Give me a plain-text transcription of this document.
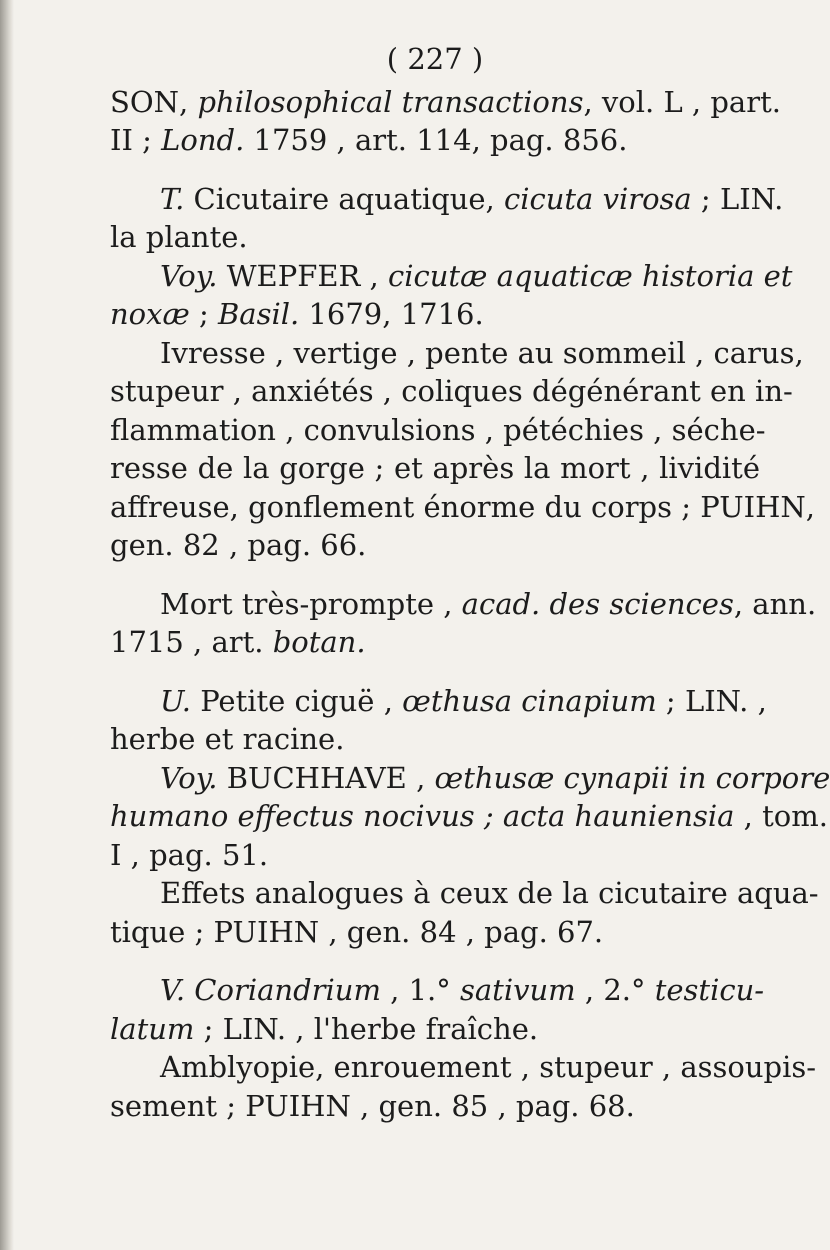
( 227 )
SON, philosophical transactions, vol. L , part.
II ; Lond. 1759 , art. 114, pag. 856.
T. Cicutaire aquatique, cicuta virosa ; LIN.
la plante.
Voy. WEPFER , cicutæ aquaticæ historia et
noxæ ; Basil. 1679, 1716.
Ivresse , vertige , pente au sommeil , carus,
stupeur , anxiétés , coliques dégénérant en in-
flammation , convulsions , pétéchies , séche-
resse de la gorge ; et après la mort , lividité
affreuse, gonflement énorme du corps ; PUIHN,
gen. 82 , pag. 66.
Mort très-prompte , acad. des sciences, ann.
1715 , art. botan.
U. Petite ciguë , œthusa cinapium ; LIN. ,
herbe et racine.
Voy. BUCHHAVE , œthusæ cynapii in corpore
humano effectus nocivus ; acta hauniensia , tom.
I , pag. 51.
Effets analogues à ceux de la cicutaire aqua-
tique ; PUIHN , gen. 84 , pag. 67.
V. Coriandrium , 1.° sativum , 2.° testicu-
latum ; LIN. , l'herbe fraîche.
Amblyopie, enrouement , stupeur , assoupis-
sement ; PUIHN , gen. 85 , pag. 68.
